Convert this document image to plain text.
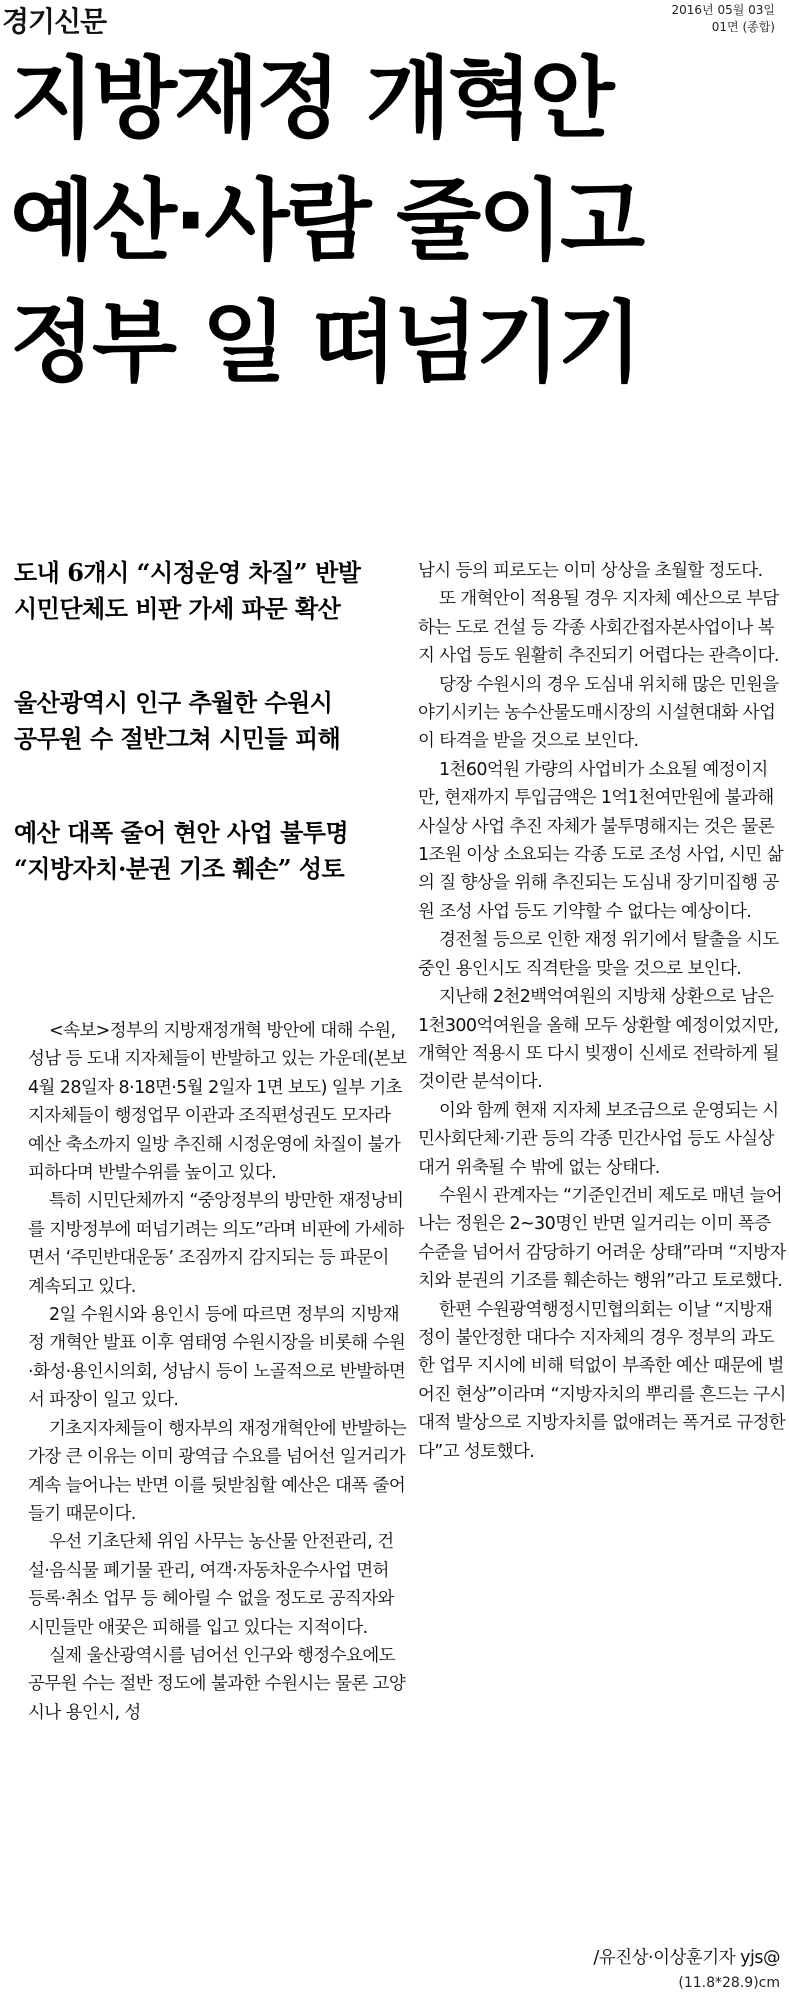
경기신문	2016년 05월 03일
01면 (종합)
지방재정 개혁안
예산·사람 줄이고
정부 일 떠넘기기
도내 6개시 “시정운영 차질” 반발
시민단체도 비판 가세 파문 확산
울산광역시 인구 추월한 수원시
공무원 수 절반그쳐 시민들 피해
예산 대폭 줄어 현안 사업 불투명
“지방자치·분권 기조 훼손” 성토

<속보>정부의 지방재정개혁 방안에 대해 수원, 성남 등 도내 지자체들이 반발하고 있는 가운데(본보 4월 28일자 8·18면·5월 2일자 1면 보도) 일부 기초지자체들이 행정업무 이관과 조직편성권도 모자라 예산 축소까지 일방 추진해 시정운영에 차질이 불가피하다며 반발수위를 높이고 있다.

특히 시민단체까지 “중앙정부의 방만한 재정낭비를 지방정부에 떠넘기려는 의도”라며 비판에 가세하면서 ‘주민반대운동’ 조짐까지 감지되는 등 파문이 계속되고 있다.

2일 수원시와 용인시 등에 따르면 정부의 지방재정 개혁안 발표 이후 염태영 수원시장을 비롯해 수원·화성·용인시의회, 성남시 등이 노골적으로 반발하면서 파장이 일고 있다.

기초지자체들이 행자부의 재정개혁안에 반발하는 가장 큰 이유는 이미 광역급 수요를 넘어선 일거리가 계속 늘어나는 반면 이를 뒷받침할 예산은 대폭 줄어들기 때문이다.

우선 기초단체 위임 사무는 농산물 안전관리, 건설·음식물 폐기물 관리, 여객·자동차운수사업 면허 등록·취소 업무 등 헤아릴 수 없을 정도로 공직자와 시민들만 애꿎은 피해를 입고 있다는 지적이다.

실제 울산광역시를 넘어선 인구와 행정수요에도 공무원 수는 절반 정도에 불과한 수원시는 물론 고양시나 용인시, 성

남시 등의 피로도는 이미 상상을 초월할 정도다.

또 개혁안이 적용될 경우 지자체 예산으로 부담하는 도로 건설 등 각종 사회간접자본사업이나 복지 사업 등도 원활히 추진되기 어렵다는 관측이다.

당장 수원시의 경우 도심내 위치해 많은 민원을 야기시키는 농수산물도매시장의 시설현대화 사업이 타격을 받을 것으로 보인다.

1천60억원 가량의 사업비가 소요될 예정이지만, 현재까지 투입금액은 1억1천여만원에 불과해 사실상 사업 추진 자체가 불투명해지는 것은 물론 1조원 이상 소요되는 각종 도로 조성 사업, 시민 삶의 질 향상을 위해 추진되는 도심내 장기미집행 공원 조성 사업 등도 기약할 수 없다는 예상이다.

경전철 등으로 인한 재정 위기에서 탈출을 시도중인 용인시도 직격탄을 맞을 것으로 보인다.

지난해 2천2백억여원의 지방채 상환으로 남은 1천300억여원을 올해 모두 상환할 예정이었지만, 개혁안 적용시 또 다시 빚쟁이 신세로 전락하게 될 것이란 분석이다.

이와 함께 현재 지자체 보조금으로 운영되는 시민사회단체·기관 등의 각종 민간사업 등도 사실상 대거 위축될 수 밖에 없는 상태다.

수원시 관계자는 “기준인건비 제도로 매년 늘어나는 정원은 2~30명인 반면 일거리는 이미 폭증 수준을 넘어서 감당하기 어려운 상태”라며 “지방자치와 분권의 기조를 훼손하는 행위”라고 토로했다.

한편 수원광역행정시민협의회는 이날 “지방재정이 불안정한 대다수 지자체의 경우 정부의 과도한 업무 지시에 비해 턱없이 부족한 예산 때문에 벌어진 현상”이라며 “지방자치의 뿌리를 흔드는 구시대적 발상으로 지방자치를 없애려는 폭거로 규정한다”고 성토했다.

/유진상·이상훈기자 yjs@
(11.8*28.9)cm
